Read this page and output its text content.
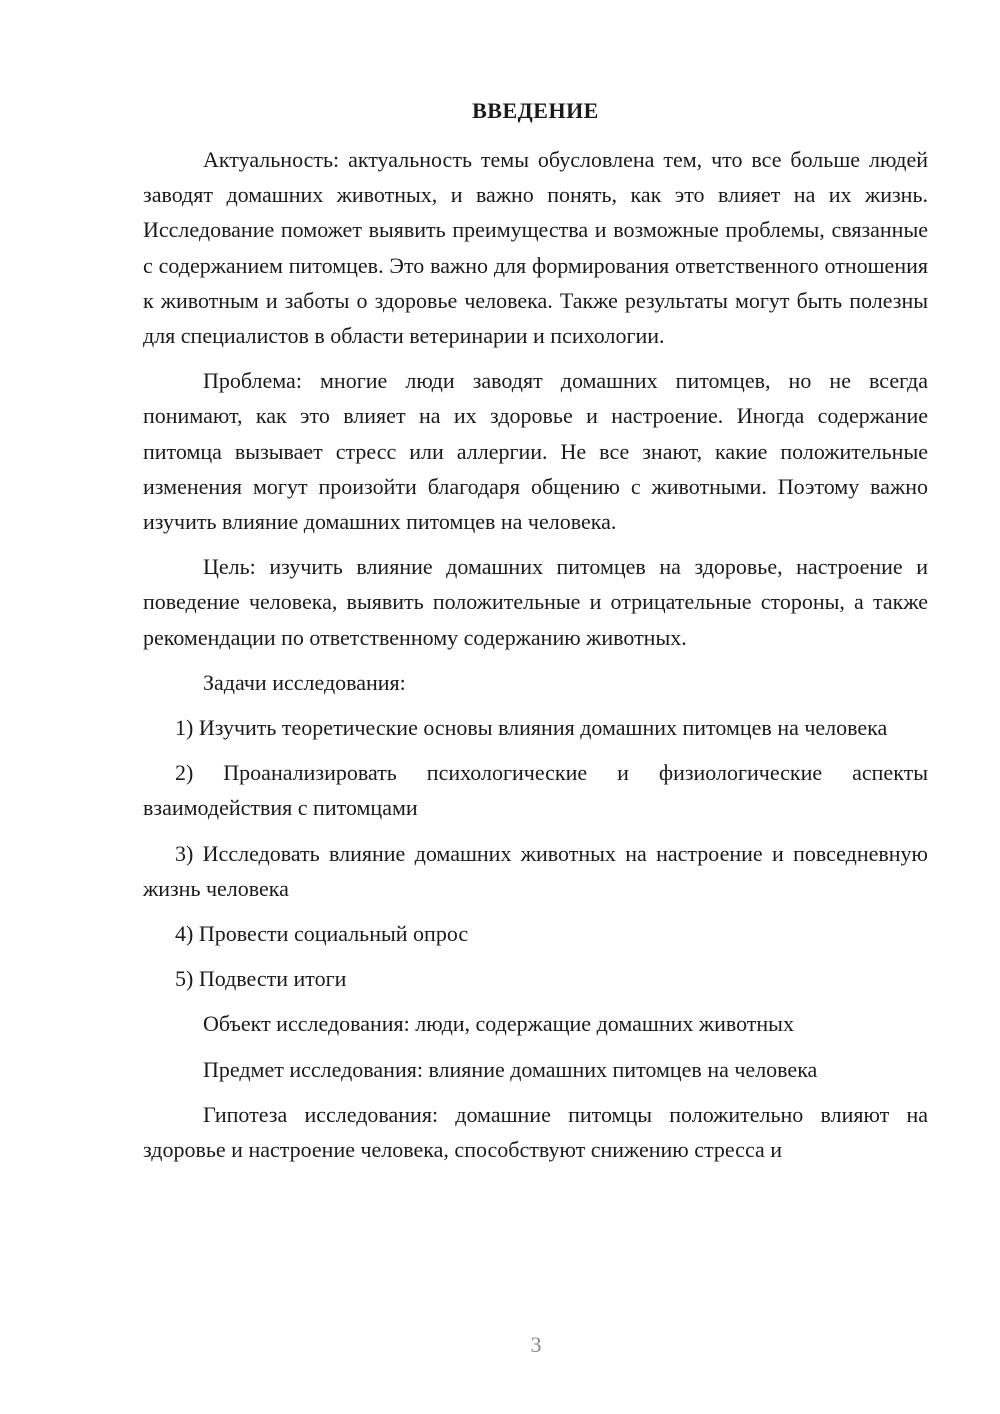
ВВЕДЕНИЕ

Актуальность: актуальность темы обусловлена тем, что все больше людей заводят домашних животных, и важно понять, как это влияет на их жизнь. Исследование поможет выявить преимущества и возможные проблемы, связанные с содержанием питомцев. Это важно для формирования ответственного отношения к животным и заботы о здоровье человека. Также результаты могут быть полезны для специалистов в области ветеринарии и психологии.

Проблема: многие люди заводят домашних питомцев, но не всегда понимают, как это влияет на их здоровье и настроение. Иногда содержание питомца вызывает стресс или аллергии. Не все знают, какие положительные изменения могут произойти благодаря общению с животными. Поэтому важно изучить влияние домашних питомцев на человека.

Цель: изучить влияние домашних питомцев на здоровье, настроение и поведение человека, выявить положительные и отрицательные стороны, а также рекомендации по ответственному содержанию животных.

Задачи исследования:

1) Изучить теоретические основы влияния домашних питомцев на человека

2) Проанализировать психологические и физиологические аспекты взаимодействия с питомцами

3) Исследовать влияние домашних животных на настроение и повседневную жизнь человека

4) Провести социальный опрос

5) Подвести итоги

Объект исследования: люди, содержащие домашних животных

Предмет исследования: влияние домашних питомцев на человека

Гипотеза исследования: домашние питомцы положительно влияют на здоровье и настроение человека, способствуют снижению стресса и

3
